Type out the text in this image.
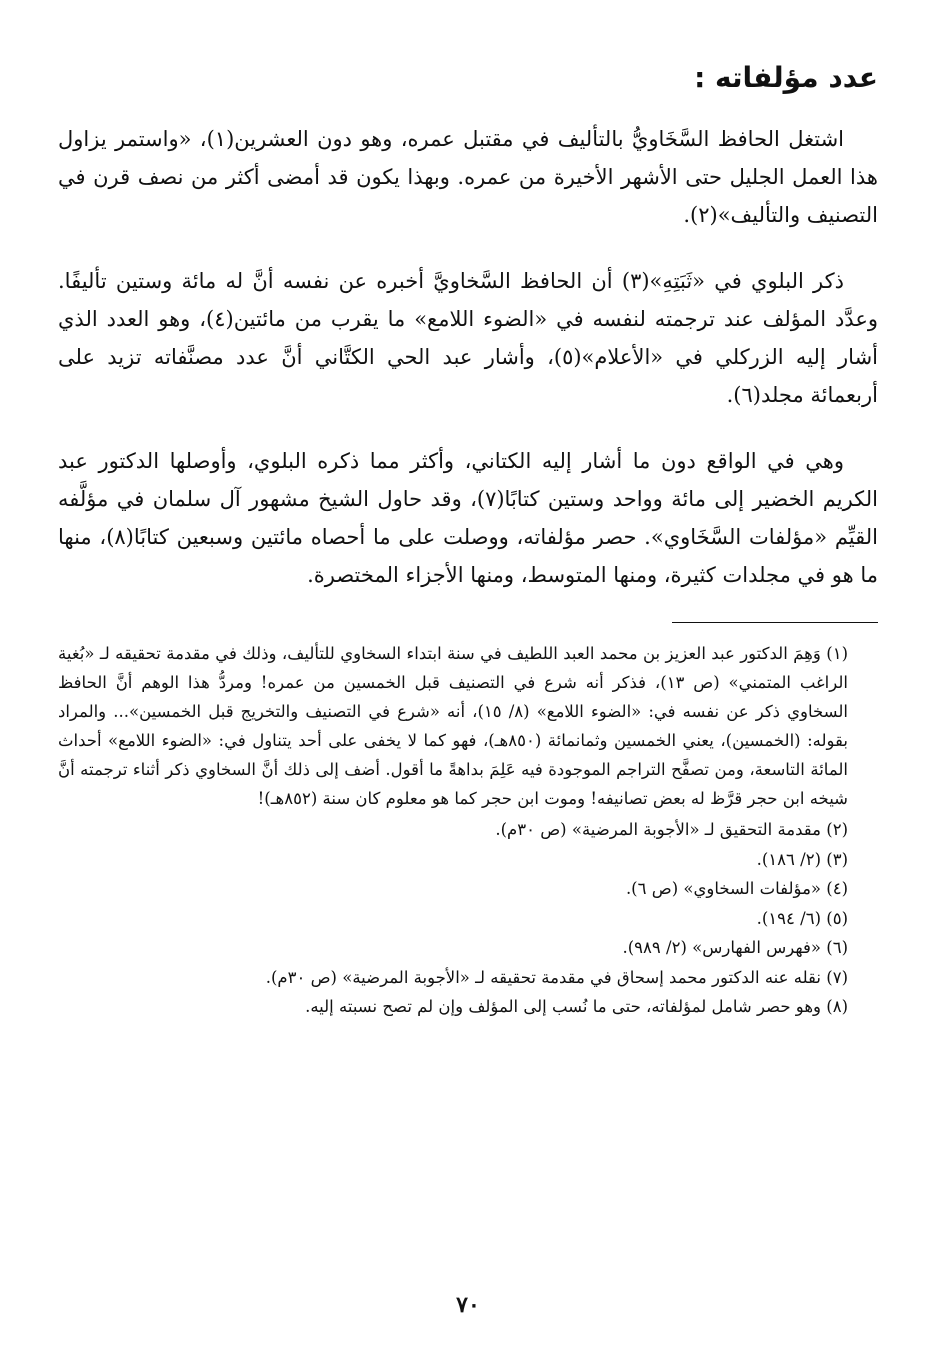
عدد مؤلفاته :

اشتغل الحافظ السَّخَاويُّ بالتأليف في مقتبل عمره، وهو دون العشرين(١)، «واستمر يزاول هذا العمل الجليل حتى الأشهر الأخيرة من عمره. وبهذا يكون قد أمضى أكثر من نصف قرن في التصنيف والتأليف»(٢).

ذكر البلوي في «ثَبَتِهِ»(٣) أن الحافظ السَّخاويَّ أخبره عن نفسه أنَّ له مائة وستين تأليفًا. وعدَّد المؤلف عند ترجمته لنفسه في «الضوء اللامع» ما يقرب من مائتين(٤)، وهو العدد الذي أشار إليه الزركلي في «الأعلام»(٥)، وأشار عبد الحي الكتَّاني أنَّ عدد مصنَّفاته تزيد على أربعمائة مجلد(٦).

وهي في الواقع دون ما أشار إليه الكتاني، وأكثر مما ذكره البلوي، وأوصلها الدكتور عبد الكريم الخضير إلى مائة وواحد وستين كتابًا(٧)، وقد حاول الشيخ مشهور آل سلمان في مؤلَّفه القيِّم «مؤلفات السَّخَاوي». حصر مؤلفاته، ووصلت على ما أحصاه مائتين وسبعين كتابًا(٨)، منها ما هو في مجلدات كثيرة، ومنها المتوسط، ومنها الأجزاء المختصرة.

(١) وَهِمَ الدكتور عبد العزيز بن محمد العبد اللطيف في سنة ابتداء السخاوي للتأليف، وذلك في مقدمة تحقيقه لـ «بُغية الراغب المتمني» (ص ١٣)، فذكر أنه شرع في التصنيف قبل الخمسين من عمره! ومردُّ هذا الوهم أنَّ الحافظ السخاوي ذكر عن نفسه في: «الضوء اللامع» (٨/ ١٥)، أنه «شرع في التصنيف والتخريج قبل الخمسين»... والمراد بقوله: (الخمسين)، يعني الخمسين وثمانمائة (٨٥٠هـ)، فهو كما لا يخفى على أحد يتناول في: «الضوء اللامع» أحداث المائة التاسعة، ومن تصفَّح التراجم الموجودة فيه عَلِمَ بداهةً ما أقول. أضف إلى ذلك أنَّ السخاوي ذكر أثناء ترجمته أنَّ شيخه ابن حجر قرَّظ له بعض تصانيفه! وموت ابن حجر كما هو معلوم كان سنة (٨٥٢هـ)!

(٢) مقدمة التحقيق لـ «الأجوبة المرضية» (ص ٣٠م).
(٣) (٢/ ١٨٦).
(٤) «مؤلفات السخاوي» (ص ٦).
(٥) (٦/ ١٩٤).
(٦) «فهرس الفهارس» (٢/ ٩٨٩).
(٧) نقله عنه الدكتور محمد إسحاق في مقدمة تحقيقه لـ «الأجوبة المرضية» (ص ٣٠م).
(٨) وهو حصر شامل لمؤلفاته، حتى ما نُسب إلى المؤلف وإن لم تصح نسبته إليه.
٧٠
